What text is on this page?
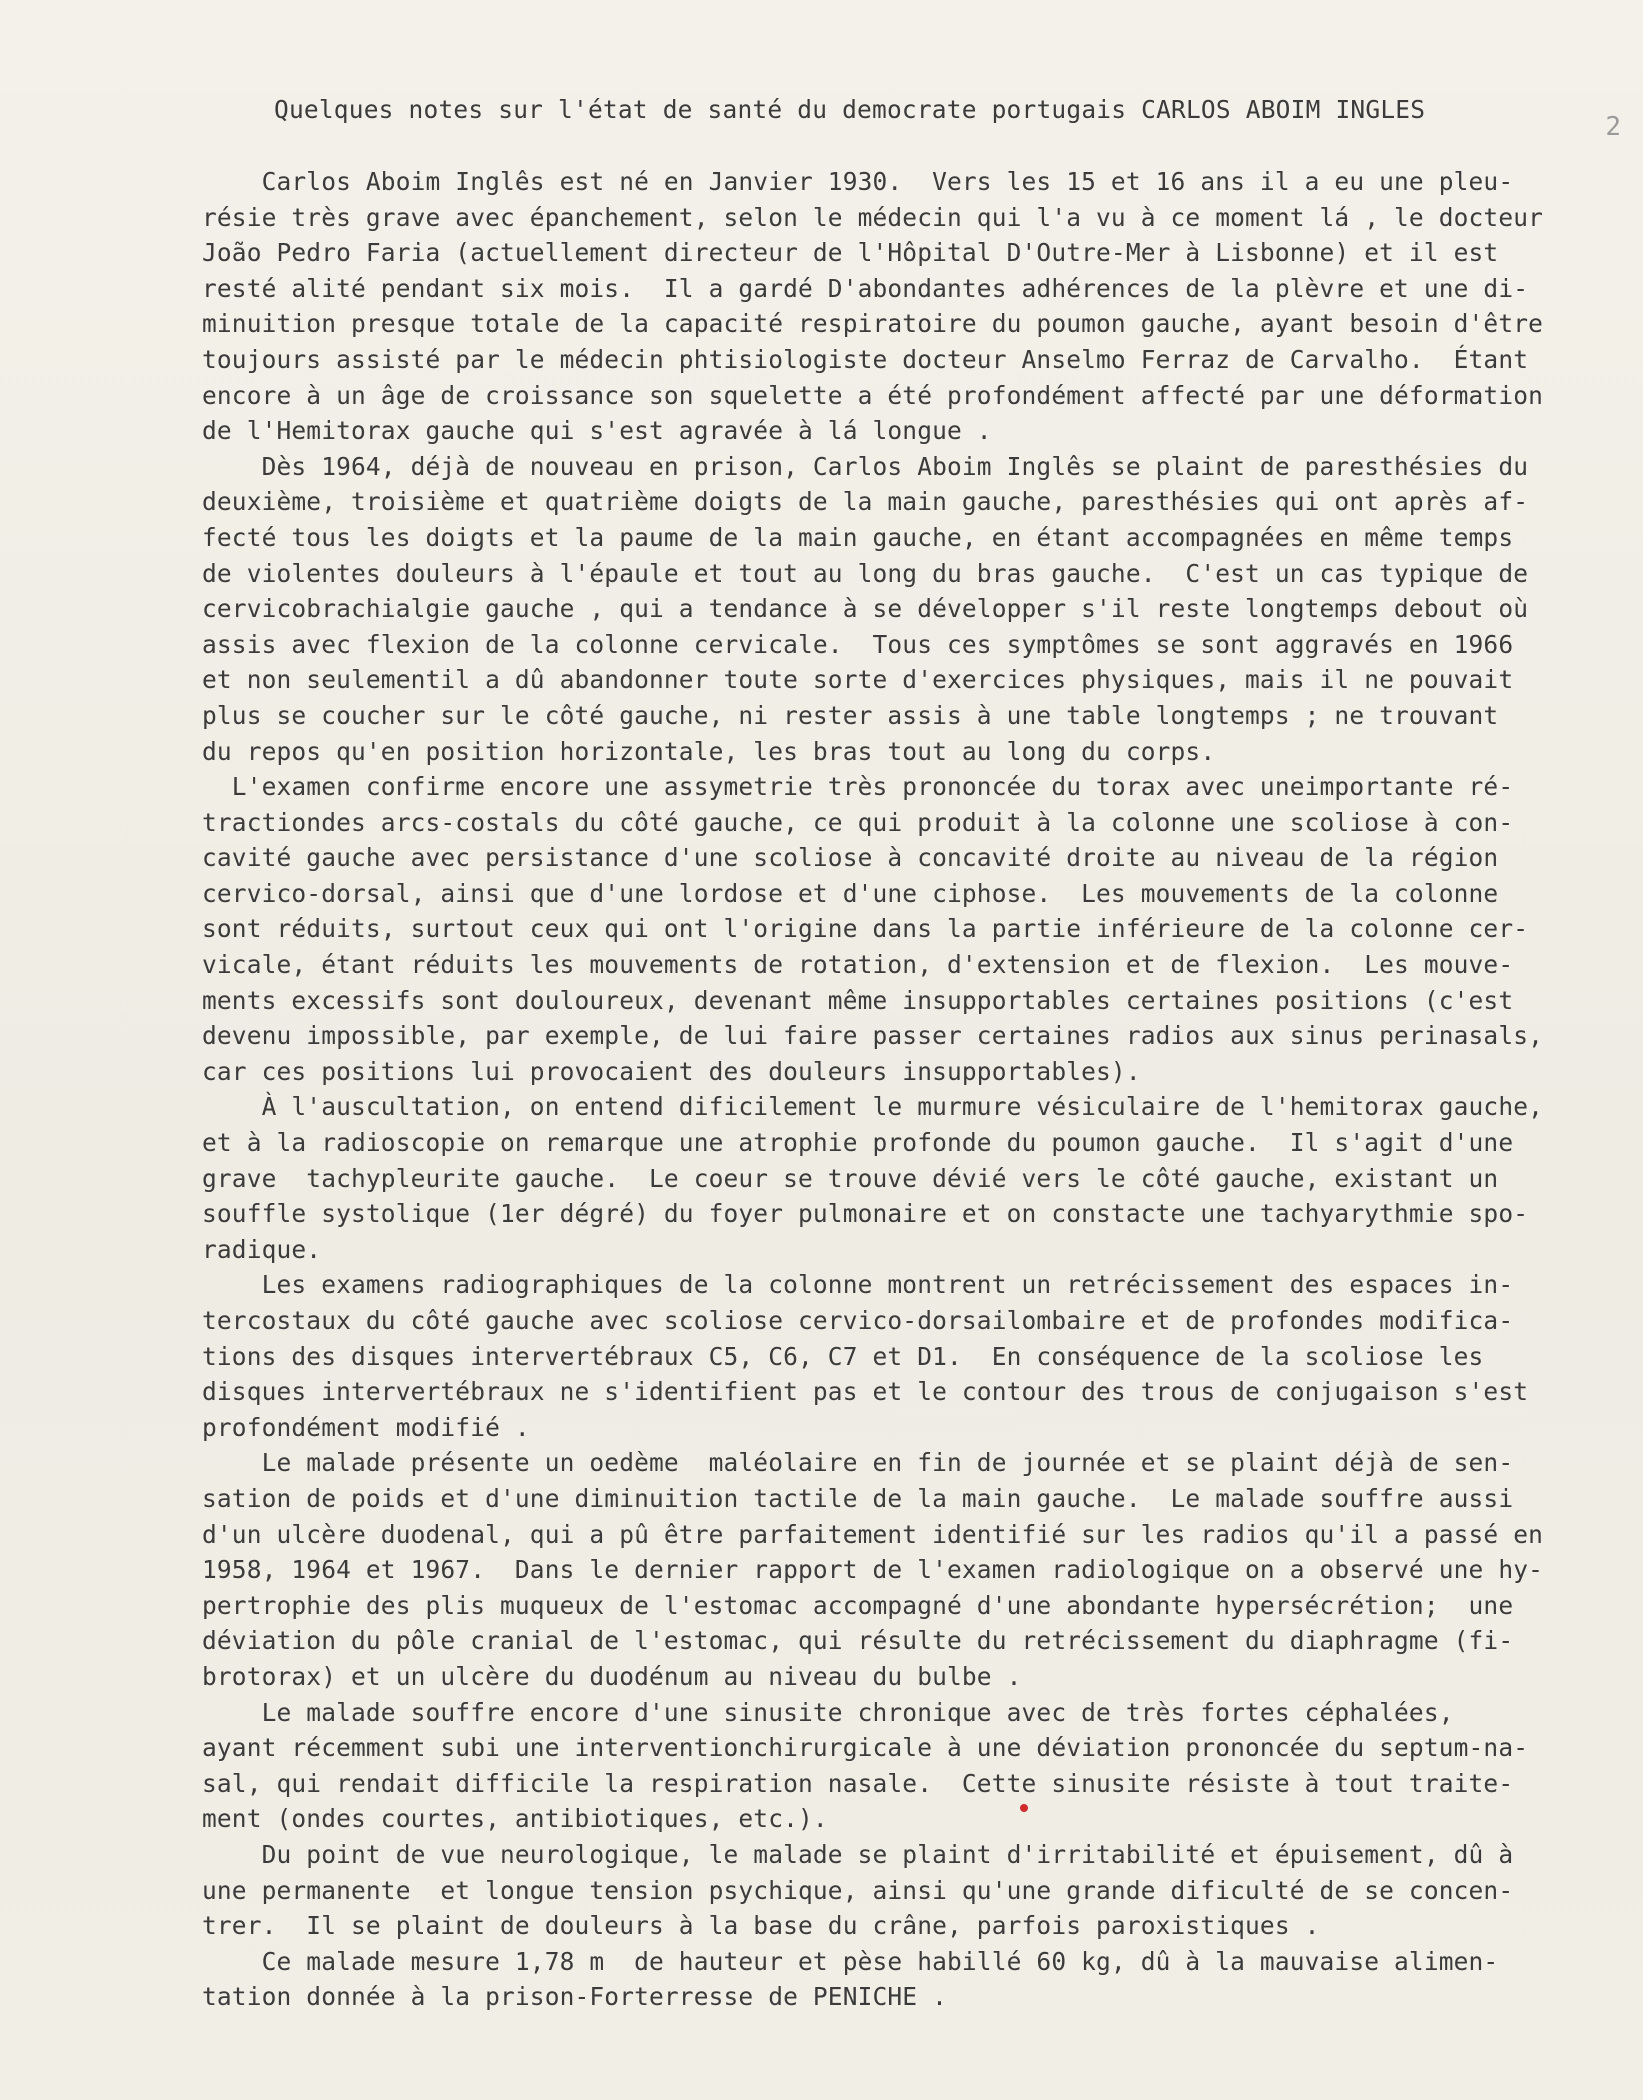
2
Quelques notes sur l'état de santé du democrate portugais CARLOS ABOIM INGLES
Carlos Aboim Inglês est né en Janvier 1930.  Vers les 15 et 16 ans il a eu une pleu-
résie très grave avec épanchement, selon le médecin qui l'a vu à ce moment lá , le docteur
João Pedro Faria (actuellement directeur de l'Hôpital D'Outre-Mer à Lisbonne) et il est
resté alité pendant six mois.  Il a gardé D'abondantes adhérences de la plèvre et une di-
minuition presque totale de la capacité respiratoire du poumon gauche, ayant besoin d'être
toujours assisté par le médecin phtisiologiste docteur Anselmo Ferraz de Carvalho.  Étant
encore à un âge de croissance son squelette a été profondément affecté par une déformation
de l'Hemitorax gauche qui s'est agravée à lá longue .
Dès 1964, déjà de nouveau en prison, Carlos Aboim Inglês se plaint de paresthésies du
deuxième, troisième et quatrième doigts de la main gauche, paresthésies qui ont après af-
fecté tous les doigts et la paume de la main gauche, en étant accompagnées en même temps
de violentes douleurs à l'épaule et tout au long du bras gauche.  C'est un cas typique de
cervicobrachialgie gauche , qui a tendance à se développer s'il reste longtemps debout où
assis avec flexion de la colonne cervicale.  Tous ces symptômes se sont aggravés en 1966
et non seulementil a dû abandonner toute sorte d'exercices physiques, mais il ne pouvait
plus se coucher sur le côté gauche, ni rester assis à une table longtemps ; ne trouvant
du repos qu'en position horizontale, les bras tout au long du corps.
L'examen confirme encore une assymetrie très prononcée du torax avec uneimportante ré-
tractiondes arcs-costals du côté gauche, ce qui produit à la colonne une scoliose à con-
cavité gauche avec persistance d'une scoliose à concavité droite au niveau de la région
cervico-dorsal, ainsi que d'une lordose et d'une ciphose.  Les mouvements de la colonne
sont réduits, surtout ceux qui ont l'origine dans la partie inférieure de la colonne cer-
vicale, étant réduits les mouvements de rotation, d'extension et de flexion.  Les mouve-
ments excessifs sont douloureux, devenant même insupportables certaines positions (c'est
devenu impossible, par exemple, de lui faire passer certaines radios aux sinus perinasals,
car ces positions lui provocaient des douleurs insupportables).
À l'auscultation, on entend dificilement le murmure vésiculaire de l'hemitorax gauche,
et à la radioscopie on remarque une atrophie profonde du poumon gauche.  Il s'agit d'une
grave  tachypleurite gauche.  Le coeur se trouve dévié vers le côté gauche, existant un
souffle systolique (1er dégré) du foyer pulmonaire et on constacte une tachyarythmie spo-
radique.
Les examens radiographiques de la colonne montrent un retrécissement des espaces in-
tercostaux du côté gauche avec scoliose cervico-dorsailombaire et de profondes modifica-
tions des disques intervertébraux C5, C6, C7 et D1.  En conséquence de la scoliose les
disques intervertébraux ne s'identifient pas et le contour des trous de conjugaison s'est
profondément modifié .
Le malade présente un oedème  maléolaire en fin de journée et se plaint déjà de sen-
sation de poids et d'une diminuition tactile de la main gauche.  Le malade souffre aussi
d'un ulcère duodenal, qui a pû être parfaitement identifié sur les radios qu'il a passé en
1958, 1964 et 1967.  Dans le dernier rapport de l'examen radiologique on a observé une hy-
pertrophie des plis muqueux de l'estomac accompagné d'une abondante hypersécrétion;  une
déviation du pôle cranial de l'estomac, qui résulte du retrécissement du diaphragme (fi-
brotorax) et un ulcère du duodénum au niveau du bulbe .
Le malade souffre encore d'une sinusite chronique avec de très fortes céphalées,
ayant récemment subi une interventionchirurgicale à une déviation prononcée du septum-na-
sal, qui rendait difficile la respiration nasale.  Cette sinusite résiste à tout traite-
ment (ondes courtes, antibiotiques, etc.).
Du point de vue neurologique, le malade se plaint d'irritabilité et épuisement, dû à
une permanente  et longue tension psychique, ainsi qu'une grande dificulté de se concen-
trer.  Il se plaint de douleurs à la base du crâne, parfois paroxistiques .
Ce malade mesure 1,78 m  de hauteur et pèse habillé 60 kg, dû à la mauvaise alimen-
tation donnée à la prison-Forterresse de PENICHE .
